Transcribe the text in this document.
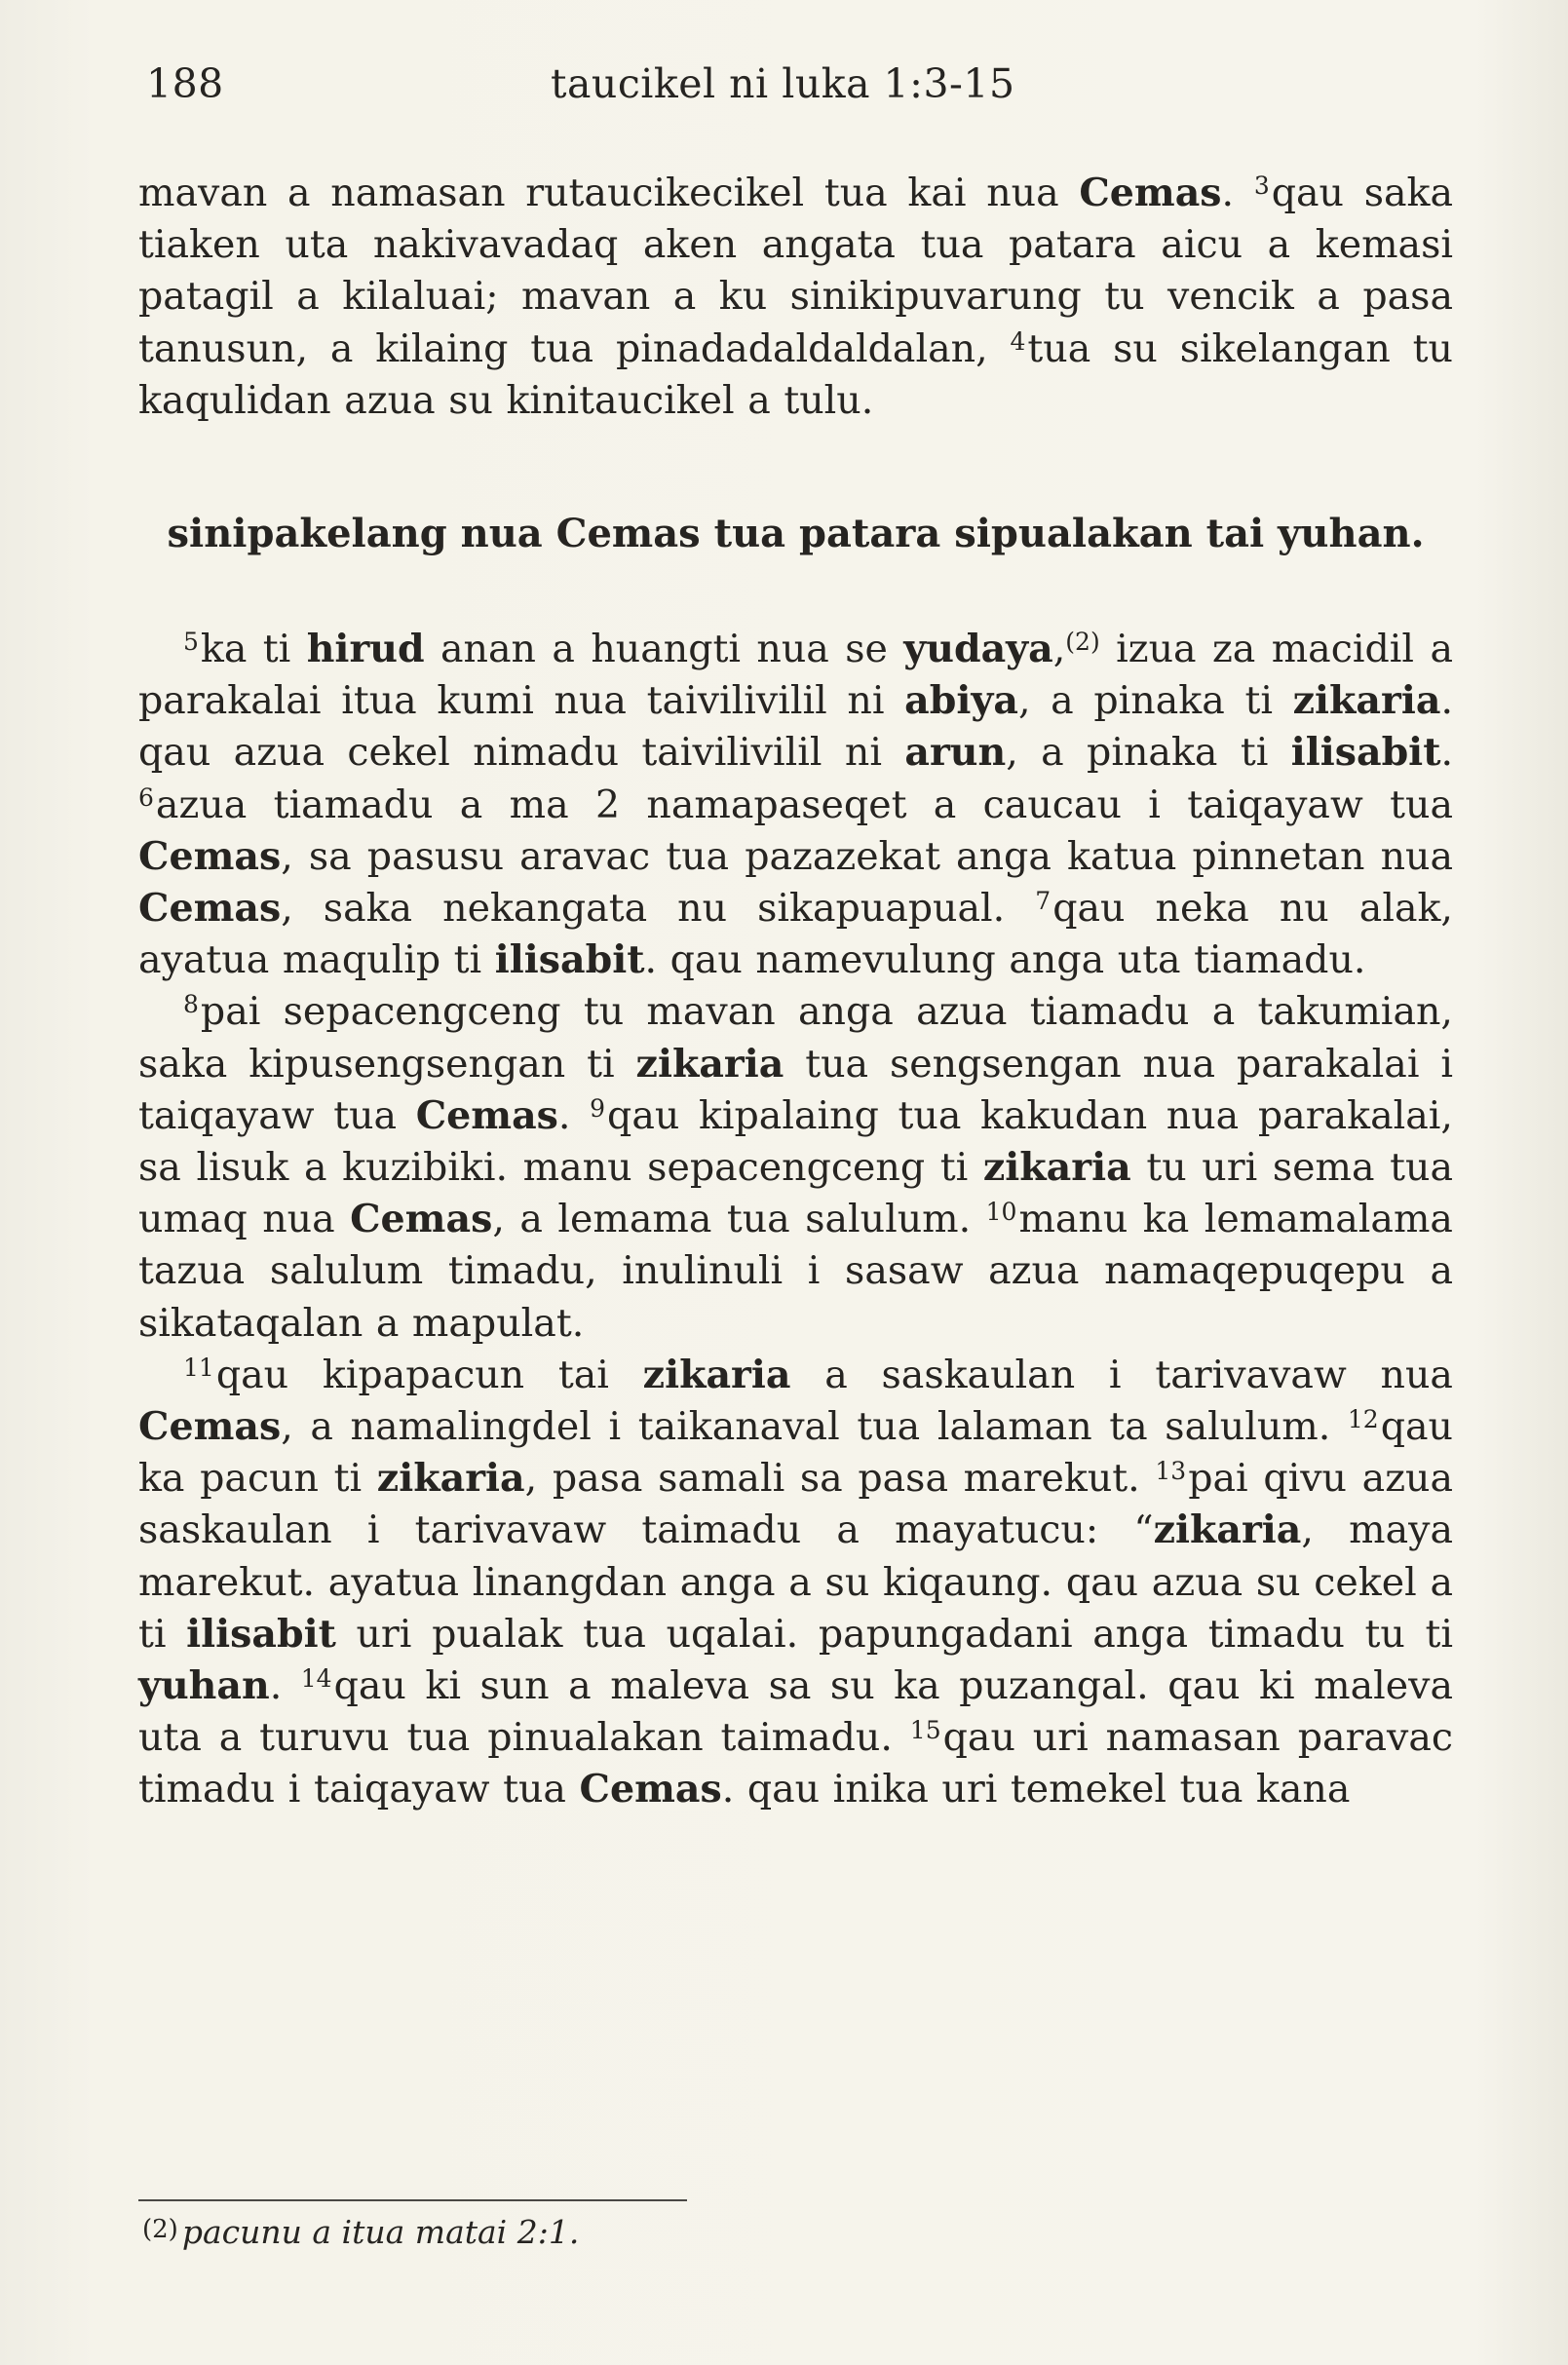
188	taucikel ni luka 1:3-15

mavan a namasan rutaucikecikel tua kai nua Cemas. $^3$qau saka tiaken uta nakivavadaq aken angata tua patara aicu a kemasi patagil a kilaluai; mavan a ku sinikipuvarung tu vencik a pasa tanusun, a kilaing tua pinadadaldaldalan, $^4$tua su sikelangan tu kaqulidan azua su kinitaucikel a tulu.

sinipakelang nua Cemas tua patara sipualakan tai yuhan.

$^5$ka ti hirud anan a huangti nua se yudaya,$^{(2)}$ izua za macidil a parakalai itua kumi nua taivilivilil ni abiya, a pinaka ti zikaria. qau azua cekel nimadu taivilivilil ni arun, a pinaka ti ilisabit. $^6$azua tiamadu a ma 2 namapaseqet a caucau i taiqayaw tua Cemas, sa pasusu aravac tua pazazekat anga katua pinnetan nua Cemas, saka nekangata nu sikapuapual. $^7$qau neka nu alak, ayatua maqulip ti ilisabit. qau namevulung anga uta tiamadu.

$^8$pai sepacengceng tu mavan anga azua tiamadu a takumian, saka kipusengsengan ti zikaria tua sengsengan nua parakalai i taiqayaw tua Cemas. $^9$qau kipalaing tua kakudan nua parakalai, sa lisuk a kuzibiki. manu sepacengceng ti zikaria tu uri sema tua umaq nua Cemas, a lemama tua salulum. $^{10}$manu ka lemamalama tazua salulum timadu, inulinuli i sasaw azua namaqepuqepu a sikataqalan a mapulat.

$^{11}$qau kipapacun tai zikaria a saskaulan i tarivavaw nua Cemas, a namalingdel i taikanaval tua lalaman ta salulum. $^{12}$qau ka pacun ti zikaria, pasa samali sa pasa marekut. $^{13}$pai qivu azua saskaulan i tarivavaw taimadu a mayatucu: “zikaria, maya marekut. ayatua linangdan anga a su kiqaung. qau azua su cekel a ti ilisabit uri pualak tua uqalai. papungadani anga timadu tu ti yuhan. $^{14}$qau ki sun a maleva sa su ka puzangal. qau ki maleva uta a turuvu tua pinualakan taimadu. $^{15}$qau uri namasan paravac timadu i taiqayaw tua Cemas. qau inika uri temekel tua kana

(2) pacunu a itua matai 2:1.
